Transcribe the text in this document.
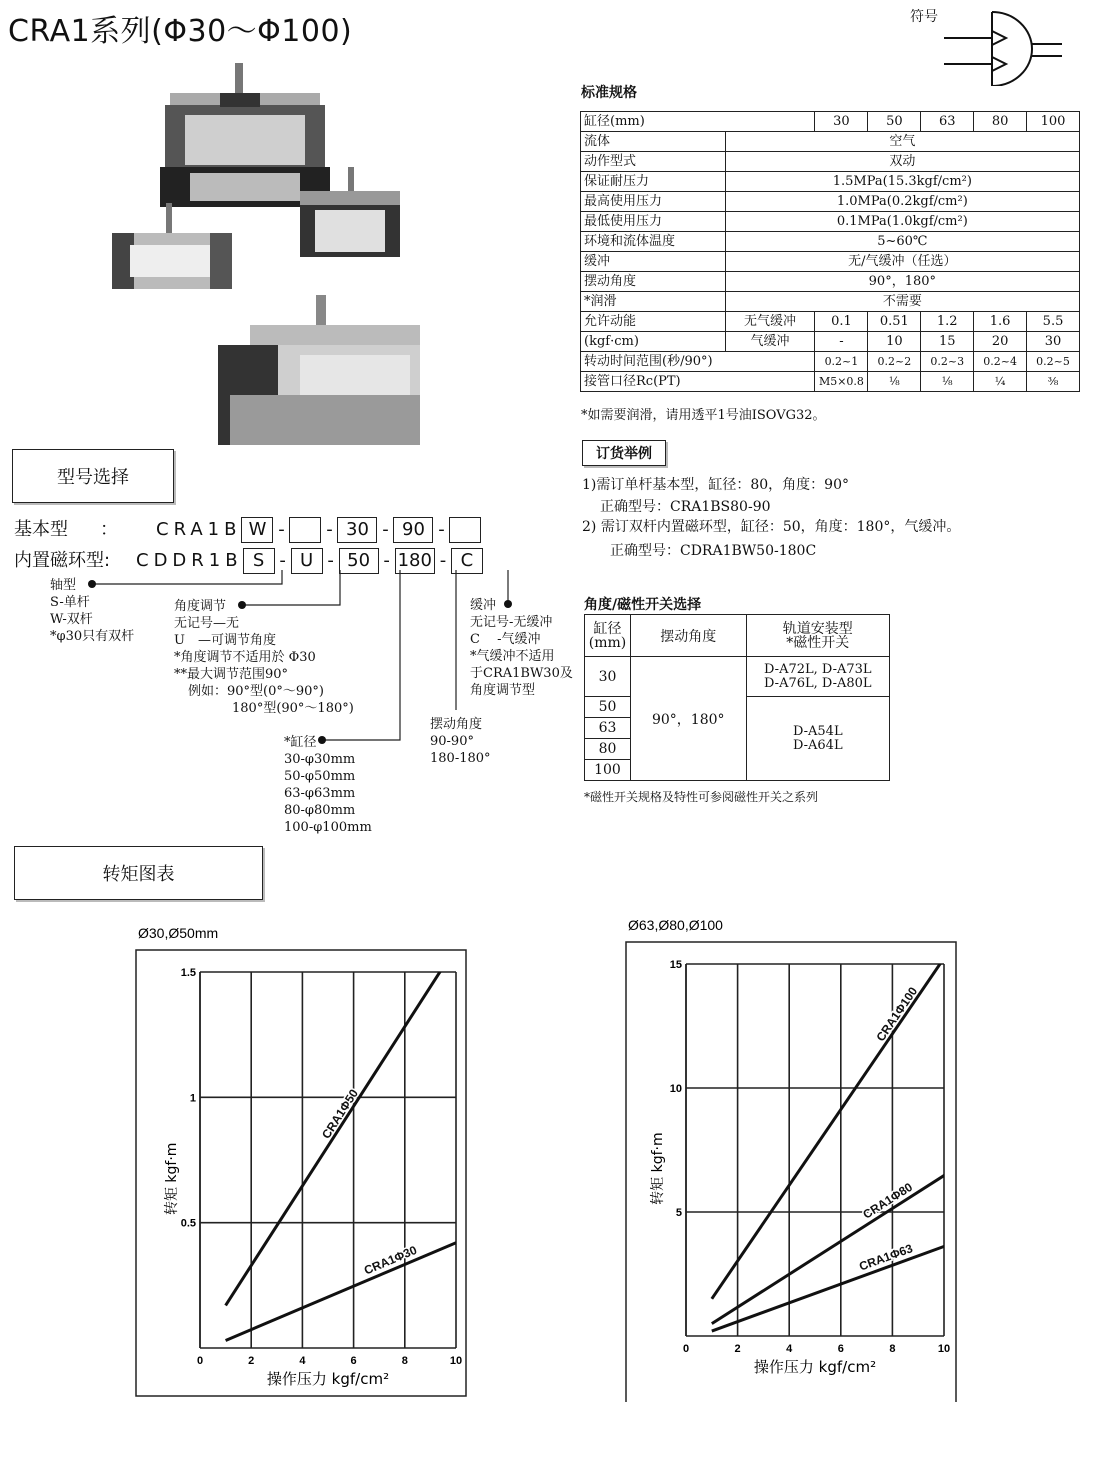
CRA1系列(Φ30～Φ100)	符号
标准规格
缸径(mm)		30	50	63	80	100
流体	空气					
动作型式	双动					
保证耐压力	1.5MPa(15.3kgf/cm²)					
最高使用压力	1.0MPa(0.2kgf/cm²)					
最低使用压力	0.1MPa(1.0kgf/cm²)					
环境和流体温度	5~60℃					
缓冲	无/气缓冲（任选）					
摆动角度	90°，180°					
*润滑	不需要					
允许动能	无气缓冲	0.1	0.51	1.2	1.6	5.5
(kgf·cm)	气缓冲	-	10	15	20	30
转动时间范围(秒/90°)		0.2~1	0.2~2	0.2~3	0.2~4	0.2~5
接管口径Rc(PT)		M5×0.8	⅛	⅛	¼	⅜
*如需要润滑，请用透平1号油ISOVG32。
订货举例
1)需订单杆基本型，缸径：80，角度：90°
正确型号：CRA1BS80-90
2) 需订双杆内置磁环型，缸径：50，角度：180°，气缓冲。
正确型号：CDRA1BW50-180C
角度/磁性开关选择
缸径
(mm)	摆动角度	轨道安装型
*磁性开关
30	90°，180°	D-A72L, D-A73L
D-A76L, D-A80L
50		D-A54L
D-A64L
63		
80		
100		
*磁性开关规格及特性可参阅磁性开关之系列
型号选择
基本型 ： CRA1B W - - 30 - 90 -
内置磁环型: CDDR1B S - U - 50 - 180 - C
轴型
S-单杆
W-双杆
*φ30只有双杆
角度调节
无记号—无
U　—可调节角度
*角度调节不适用於 Φ30
**最大调节范围90°
例如：90°型(0°～90°)
180°型(90°～180°)
缓冲
无记号-无缓冲
C　 -气缓冲
*气缓冲不适用
于CRA1BW30及
角度调节型
摆动角度
90-90°
180-180°
*缸径
30-φ30mm
50-φ50mm
63-φ63mm
80-φ80mm
100-φ100mm
转矩图表
Ø30,Ø50mm
0	2	4	6	8	10
0.5
1
1.5
操作压力 kgf/cm²
转矩 kgf·m
CRA1Φ50
CRA1Φ30
Ø63,Ø80,Ø100
0	2	4	6	8	10
5
10
15
操作压力 kgf/cm²
转矩 kgf·m
CRA1Φ100
CRA1Φ80
CRA1Φ63
